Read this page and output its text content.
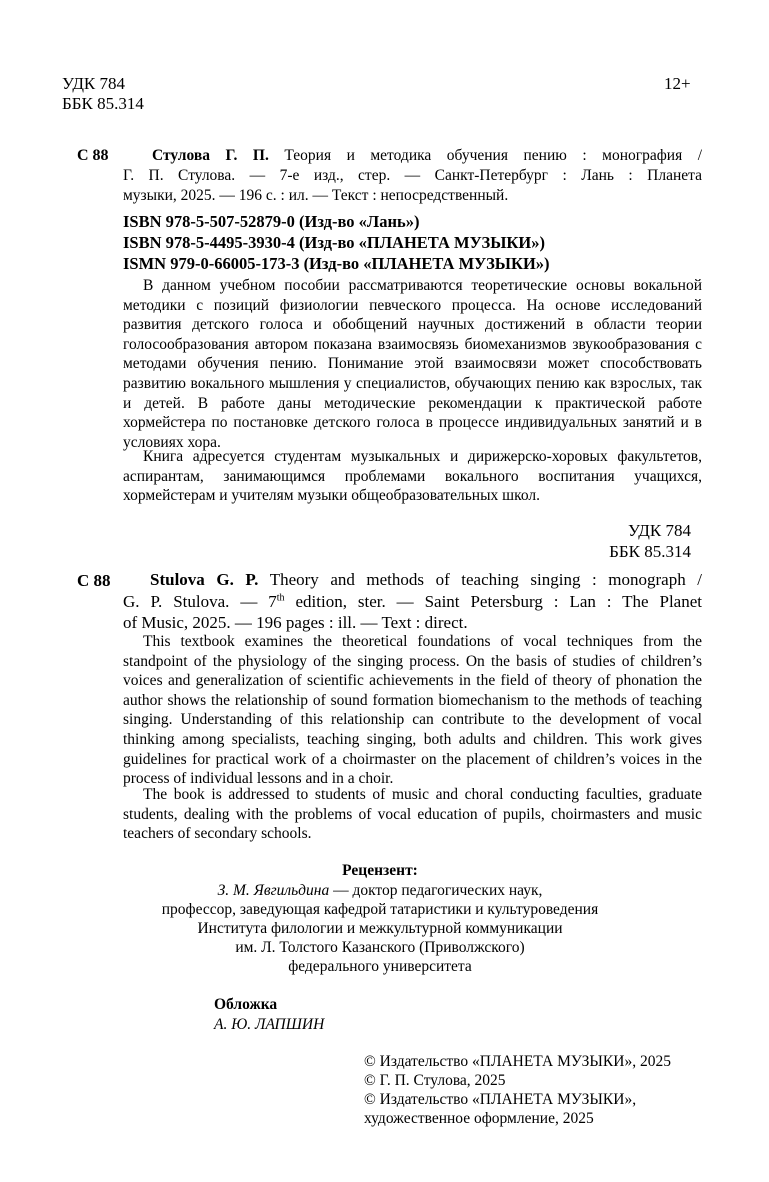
УДК 784
ББК 85.314
12+
С 88	Стулова Г. П. Теория и методика обучения пению : монография /
Г. П. Стулова. — 7-е изд., стер. — Санкт-Петербург : Лань : Планета
музыки, 2025. — 196 с. : ил. — Текст : непосредственный.
ISBN 978-5-507-52879-0 (Изд-во «Лань»)
ISBN 978-5-4495-3930-4 (Изд-во «ПЛАНЕТА МУЗЫКИ»)
ISMN 979-0-66005-173-3 (Изд-во «ПЛАНЕТА МУЗЫКИ»)
В данном учебном пособии рассматриваются теоретические основы вокальной методики с позиций физиологии певческого процесса. На основе исследований развития детского голоса и обобщений научных достижений в области теории голосообразования автором показана взаимосвязь биомеханизмов звукообразования с методами обучения пению. Понимание этой взаимосвязи может способствовать развитию вокального мышления у специалистов, обучающих пению как взрослых, так и детей. В работе даны методические рекомендации к практической работе хормейстера по постановке детского голоса в процессе индивидуальных занятий и в условиях хора.
Книга адресуется студентам музыкальных и дирижерско-хоровых факультетов, аспирантам, занимающимся проблемами вокального воспитания учащихся, хормейстерам и учителям музыки общеобразовательных школ.
УДК 784
ББК 85.314
С 88 Stulova G. P. Theory and methods of teaching singing : monograph /
G. P. Stulova. — 7th edition, ster. — Saint Petersburg : Lan : The Planet
of Music, 2025. — 196 pages : ill. — Text : direct.
This textbook examines the theoretical foundations of vocal techniques from the standpoint of the physiology of the singing process. On the basis of studies of children’s voices and generalization of scientific achievements in the field of theory of phonation the author shows the relationship of sound formation biomechanism to the methods of teaching singing. Understanding of this relationship can contribute to the development of vocal thinking among specialists, teaching singing, both adults and children. This work gives guidelines for practical work of a choirmaster on the placement of children’s voices in the process of individual lessons and in a choir.
The book is addressed to students of music and choral conducting faculties, graduate students, dealing with the problems of vocal education of pupils, choirmasters and music teachers of secondary schools.
Рецензент:
З. М. Явгильдина — доктор педагогических наук,
профессор, заведующая кафедрой татаристики и культуроведения
Института филологии и межкультурной коммуникации
им. Л. Толстого Казанского (Приволжского)
федерального университета
Обложка
А. Ю. ЛАПШИН
© Издательство «ПЛАНЕТА МУЗЫКИ», 2025
© Г. П. Стулова, 2025
© Издательство «ПЛАНЕТА МУЗЫКИ»,
художественное оформление, 2025
